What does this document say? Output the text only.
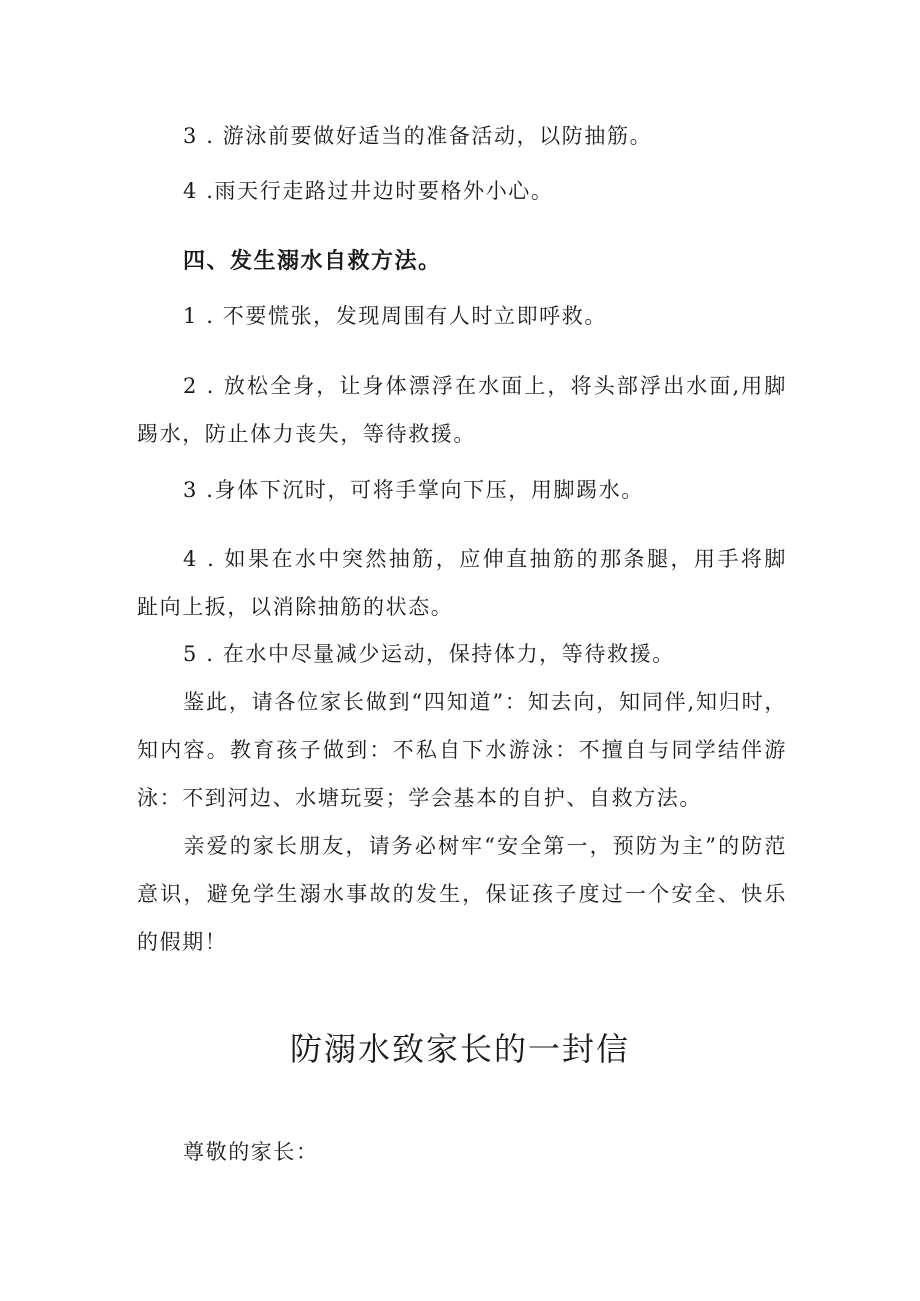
3 . 游泳前要做好适当的准备活动，以防抽筋。

4 .雨天行走路过井边时要格外小心。

四、发生溺水自救方法。

1 . 不要慌张，发现周围有人时立即呼救。

2 . 放松全身，让身体漂浮在水面上，将头部浮出水面,用脚踢水，防止体力丧失，等待救援。

3 .身体下沉时，可将手掌向下压，用脚踢水。

4 . 如果在水中突然抽筋，应伸直抽筋的那条腿，用手将脚趾向上扳，以消除抽筋的状态。

5 . 在水中尽量减少运动，保持体力，等待救援。

鉴此，请各位家长做到“四知道”：知去向，知同伴,知归时，知内容。教育孩子做到：不私自下水游泳：不擅自与同学结伴游泳：不到河边、水塘玩耍；学会基本的自护、自救方法。

亲爱的家长朋友，请务必树牢“安全第一，预防为主”的防范意识，避免学生溺水事故的发生，保证孩子度过一个安全、快乐的假期！

防溺水致家长的一封信

尊敬的家长：
